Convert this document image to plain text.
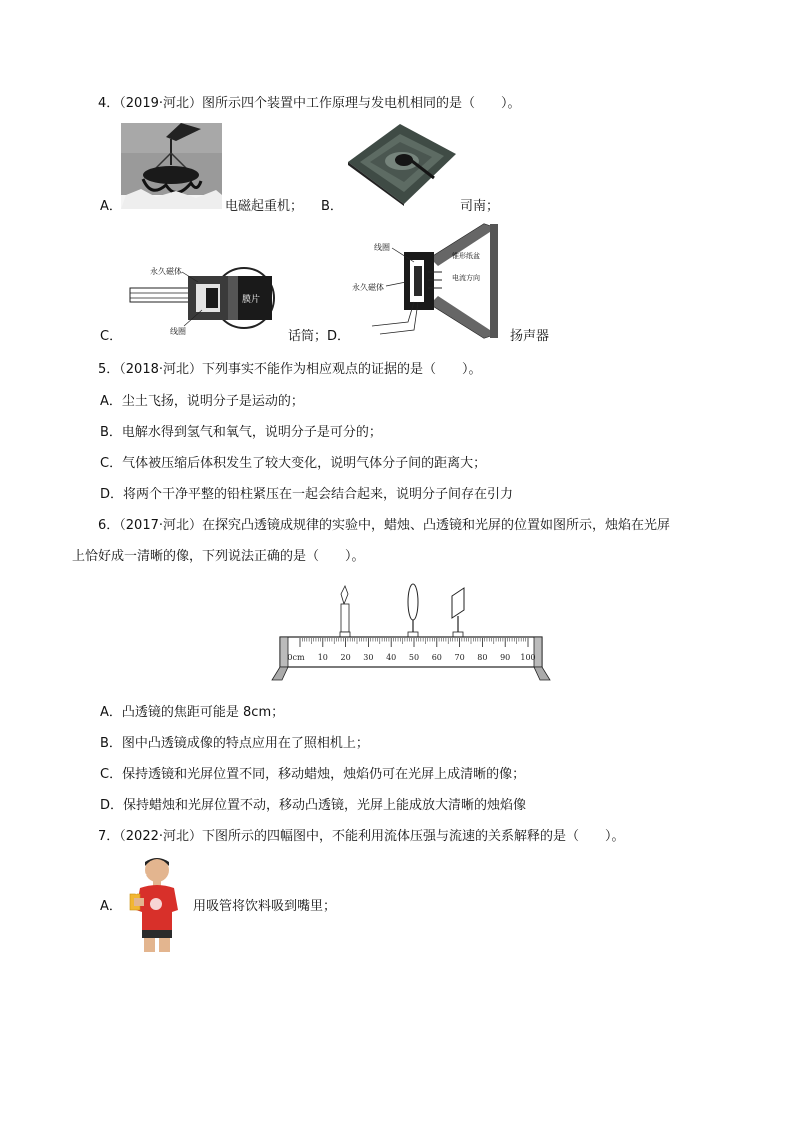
4．（2019·河北）图所示四个装置中工作原理与发电机相同的是（　　）。
A．	电磁起重机； B．	司南；
C．
膜片
永久磁体
线圈	话筒；D．
线圈
永久磁体
锥形纸盆
电流方向
扬声器
5．（2018·河北）下列事实不能作为相应观点的证据的是（　　）。
A．尘土飞扬，说明分子是运动的；
B．电解水得到氢气和氧气，说明分子是可分的；
C．气体被压缩后体积发生了较大变化，说明气体分子间的距离大；
D．将两个干净平整的铅柱紧压在一起会结合起来，说明分子间存在引力
6．（2017·河北）在探究凸透镜成规律的实验中，蜡烛、凸透镜和光屏的位置如图所示，烛焰在光屏
上恰好成一清晰的像，下列说法正确的是（　　）。
0cm 10 20 30 40 50 60 70 80 90 100
A．凸透镜的焦距可能是 8cm；
B．图中凸透镜成像的特点应用在了照相机上；
C．保持透镜和光屏位置不同，移动蜡烛，烛焰仍可在光屏上成清晰的像；
D．保持蜡烛和光屏位置不动，移动凸透镜，光屏上能成放大清晰的烛焰像
7．（2022·河北）下图所示的四幅图中，不能利用流体压强与流速的关系解释的是（　　）。
A．	用吸管将饮料吸到嘴里；
